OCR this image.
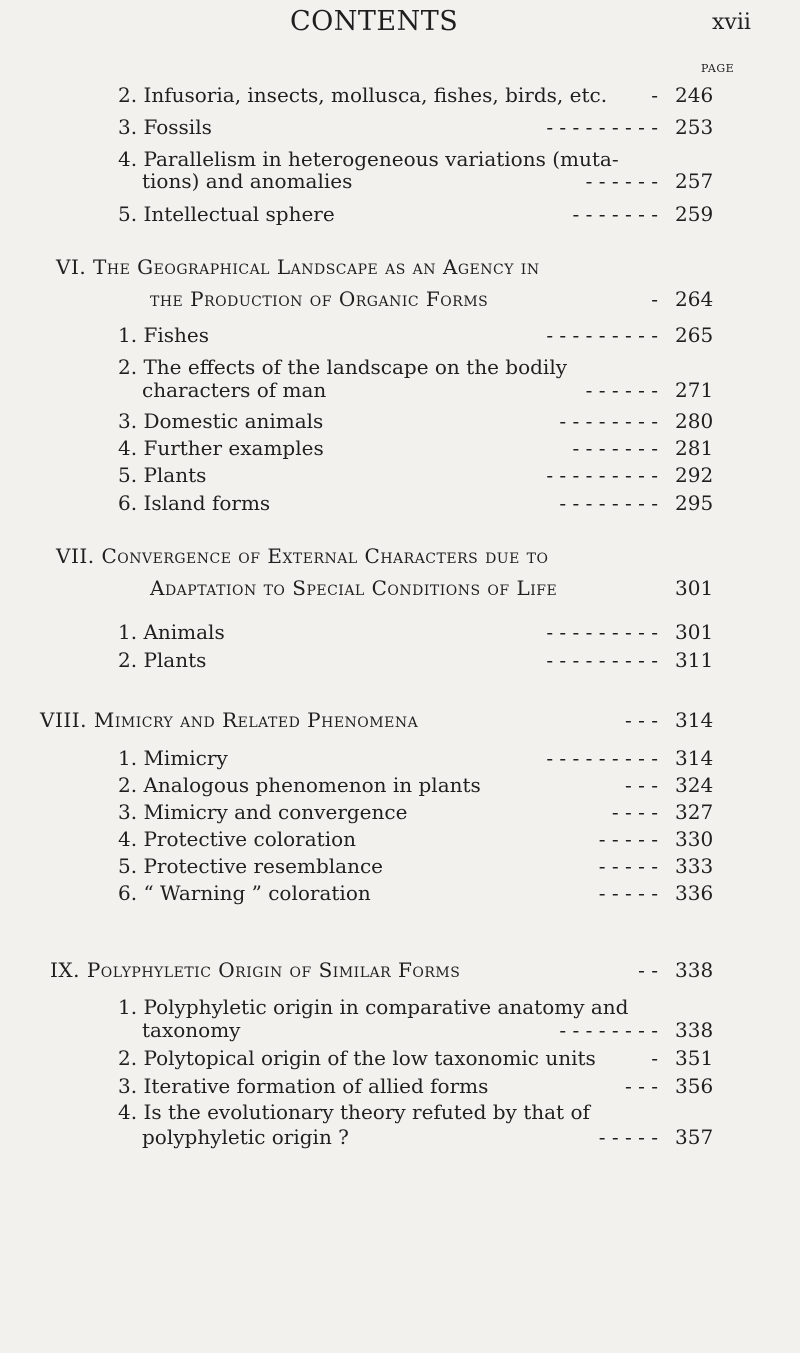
CONTENTS	xvii
PAGE
2. Infusoria, insects, mollusca, fishes, birds, etc. - 246
3. Fossils	- - - - - - - - - 253
4. Parallelism in heterogeneous variations (muta-
tions) and anomalies	- - - - - - 257
5. Intellectual sphere	- - - - - - - 259
VI. The Geographical Landscape as an Agency in
the Production of Organic Forms	- 264
1. Fishes	- - - - - - - - - 265
2. The effects of the landscape on the bodily
characters of man	- - - - - - 271
3. Domestic animals	- - - - - - - - 280
4. Further examples	- - - - - - - 281
5. Plants	- - - - - - - - - 292
6. Island forms	- - - - - - - - 295
VII. Convergence of External Characters due to
Adaptation to Special Conditions of Life	301
1. Animals	- - - - - - - - - 301
2. Plants	- - - - - - - - - 311
VIII. Mimicry and Related Phenomena	- - - 314
1. Mimicry	- - - - - - - - - 314
2. Analogous phenomenon in plants	- - - 324
3. Mimicry and convergence	- - - - 327
4. Protective coloration	- - - - - 330
5. Protective resemblance	- - - - - 333
6. “ Warning ” coloration	- - - - - 336
IX. Polyphyletic Origin of Similar Forms	- - 338
1. Polyphyletic origin in comparative anatomy and
taxonomy	- - - - - - - - 338
2. Polytopical origin of the low taxonomic units	- 351
3. Iterative formation of allied forms	- - - 356
4. Is the evolutionary theory refuted by that of
polyphyletic origin ?	- - - - - 357
